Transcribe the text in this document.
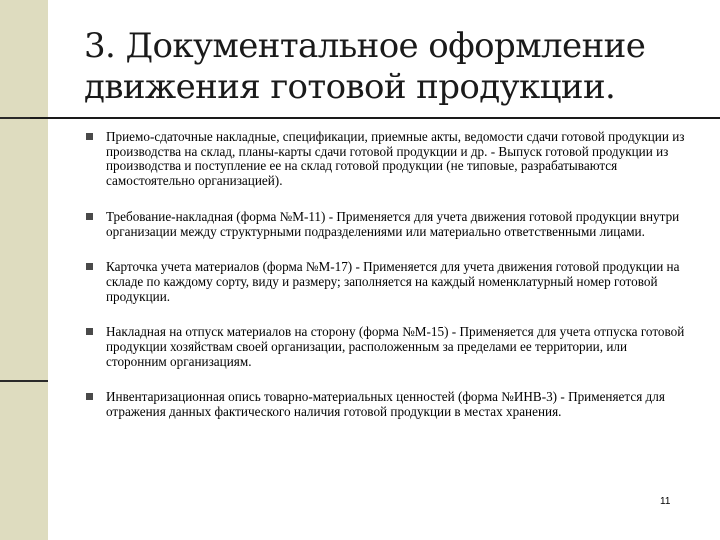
3. Документальное оформление
движения готовой продукции.
Приемо-сдаточные накладные, спецификации, приемные акты, ведомости сдачи готовой продукции из производства на склад, планы-карты сдачи готовой продукции и др. - Выпуск готовой продукции из производства и поступление ее на склад готовой продукции (не типовые, разрабатываются самостоятельно организацией).
Требование-накладная (форма №М-11) - Применяется для учета движения готовой продукции внутри организации между структурными подразделениями или материально ответственными лицами.
Карточка учета материалов (форма №М-17) - Применяется для учета движения готовой продукции на складе по каждому сорту, виду и размеру; заполняется на каждый номенклатурный номер готовой продукции.
Накладная на отпуск материалов на сторону (форма №М-15) - Применяется для учета отпуска готовой продукции хозяйствам своей организации, расположенным за пределами ее территории, или сторонним организациям.
Инвентаризационная опись товарно-материальных ценностей (форма №ИНВ-3) - Применяется для отражения данных фактического наличия готовой продукции в местах хранения.
11
